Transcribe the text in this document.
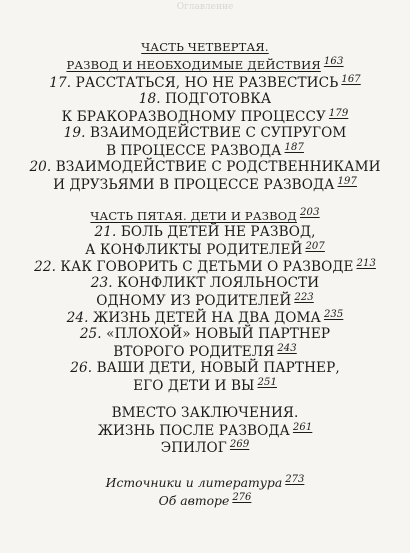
Оглавление
ЧАСТЬ ЧЕТВЕРТАЯ.
РАЗВОД И НЕОБХОДИМЫЕ ДЕЙСТВИЯ 163
17. РАССТАТЬСЯ, НО НЕ РАЗВЕСТИСЬ $^{167}$
18. ПОДГОТОВКА
К БРАКОРАЗВОДНОМУ ПРОЦЕССУ $^{179}$
19. ВЗАИМОДЕЙСТВИЕ С СУПРУГОМ
В ПРОЦЕССЕ РАЗВОДА $^{187}$
20. ВЗАИМОДЕЙСТВИЕ С РОДСТВЕННИКАМИ
И ДРУЗЬЯМИ В ПРОЦЕССЕ РАЗВОДА $^{197}$
ЧАСТЬ ПЯТАЯ. ДЕТИ И РАЗВОД 203
21. БОЛЬ ДЕТЕЙ НЕ РАЗВОД,
А КОНФЛИКТЫ РОДИТЕЛЕЙ $^{207}$
22. КАК ГОВОРИТЬ С ДЕТЬМИ О РАЗВОДЕ $^{213}$
23. КОНФЛИКТ ЛОЯЛЬНОСТИ
ОДНОМУ ИЗ РОДИТЕЛЕЙ $^{223}$
24. ЖИЗНЬ ДЕТЕЙ НА ДВА ДОМА $^{235}$
25. «ПЛОХОЙ» НОВЫЙ ПАРТНЕР
ВТОРОГО РОДИТЕЛЯ $^{243}$
26. ВАШИ ДЕТИ, НОВЫЙ ПАРТНЕР,
ЕГО ДЕТИ И ВЫ $^{251}$
ВМЕСТО ЗАКЛЮЧЕНИЯ.
ЖИЗНЬ ПОСЛЕ РАЗВОДА $^{261}$
ЭПИЛОГ $^{269}$
Источники и литература $^{273}$
Об авторе $^{276}$
